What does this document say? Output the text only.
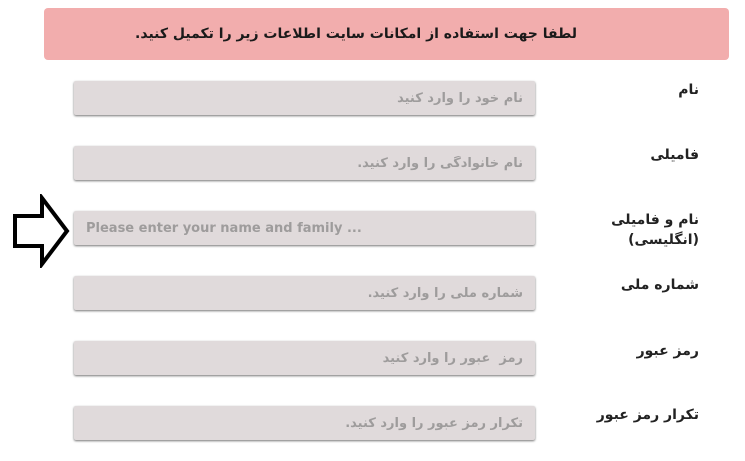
لطفا جهت استفاده از امکانات سایت اطلاعات زیر را تکمیل کنید.
نام
نام خود را وارد کنید
فامیلی
نام خانوادگی را وارد کنید.
نام و فامیلی
(انگلیسی)
Please enter your name and family ...
شماره ملی
شماره ملی را وارد کنید.
رمز عبور
تکرار رمز عبور
